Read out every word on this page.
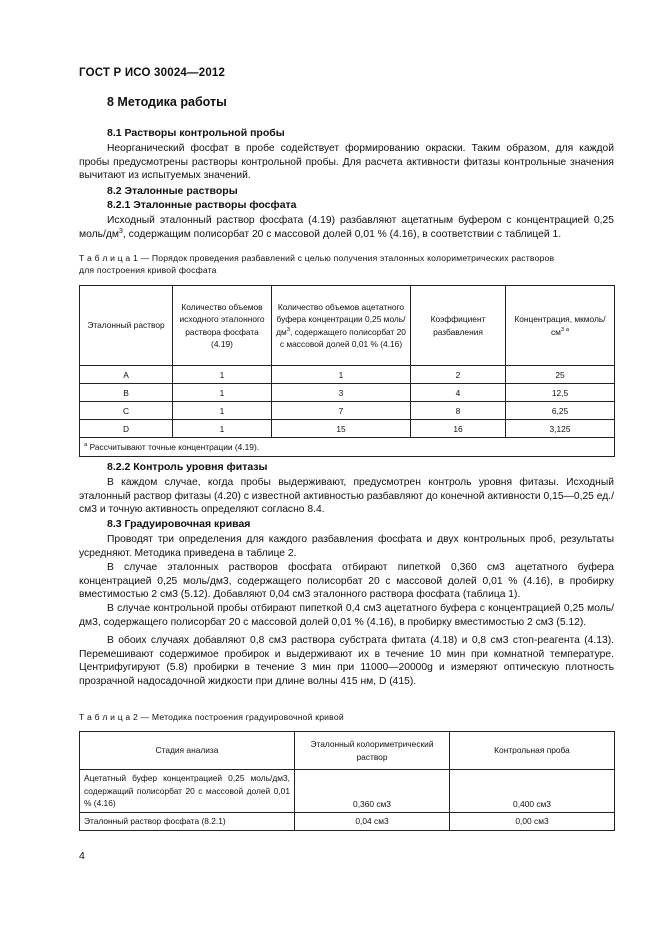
ГОСТ Р ИСО 30024—2012
8 Методика работы
8.1 Растворы контрольной пробы
Неорганический фосфат в пробе содействует формированию окраски. Таким образом, для каждой пробы предусмотрены растворы контрольной пробы. Для расчета активности фитазы контрольные значения вычитают из испытуемых значений.
8.2 Эталонные растворы
8.2.1 Эталонные растворы фосфата
Исходный эталонный раствор фосфата (4.19) разбавляют ацетатным буфером с концентрацией 0,25 моль/$дм^3$, содержащим полисорбат 20 с массовой долей 0,01 % (4.16), в соответствии с таблицей 1.
Т а б л и ц а 1 — Порядок проведения разбавлений с целью получения эталонных колориметрических растворов
для построения кривой фосфата
Эталонный раствор	Количество объемов исходного эталонного раствора фосфата (4.19)	Количество объемов ацетатного буфера концентрации 0,25 моль/$дм^3$, содержащего полисорбат 20 с массовой долей 0,01 % (4.16)	Коэффициент разбавления	Концентрация, мкмоль/$см^{3 а}$
A	1	1	2	25
B	1	3	4	12,5
C	1	7	8	6,25
D	1	15	16	3,125
$^а$ Рассчитывают точные концентрации (4.19).				
8.2.2 Контроль уровня фитазы
В каждом случае, когда пробы выдерживают, предусмотрен контроль уровня фитазы. Исходный эталонный раствор фитазы (4.20) с известной активностью разбавляют до конечной активности 0,15—0,25 ед./см3 и точную активность определяют согласно 8.4.
8.3 Градуировочная кривая
Проводят три определения для каждого разбавления фосфата и двух контрольных проб, результаты усредняют. Методика приведена в таблице 2.
В случае эталонных растворов фосфата отбирают пипеткой 0,360 см3 ацетатного буфера концентрацией 0,25 моль/дм3, содержащего полисорбат 20 с массовой долей 0,01 % (4.16), в пробирку вместимостью 2 см3 (5.12). Добавляют 0,04 см3 эталонного раствора фосфата (таблица 1).
В случае контрольной пробы отбирают пипеткой 0,4 см3 ацетатного буфера с концентрацией 0,25 моль/дм3, содержащего полисорбат 20 с массовой долей 0,01 % (4.16), в пробирку вместимостью 2 см3 (5.12).
В обоих случаях добавляют 0,8 см3 раствора субстрата фитата (4.18) и 0,8 см3 стоп-реагента (4.13). Перемешивают содержимое пробирок и выдерживают их в течение 10 мин при комнатной температуре. Центрифугируют (5.8) пробирки в течение 3 мин при 11000—20000g и измеряют оптическую плотность прозрачной надосадочной жидкости при длине волны 415 нм, D (415).
Т а б л и ц а 2 — Методика построения градуировочной кривой
Стадия анализа	Эталонный колориметрический раствор	Контрольная проба
Ацетатный буфер концентрацией 0,25 моль/дм3, содержащий полисорбат 20 с массовой долей 0,01 % (4.16)	0,360 см3	0,400 см3
Эталонный раствор фосфата (8.2.1)	0,04 см3	0,00 см3
4
